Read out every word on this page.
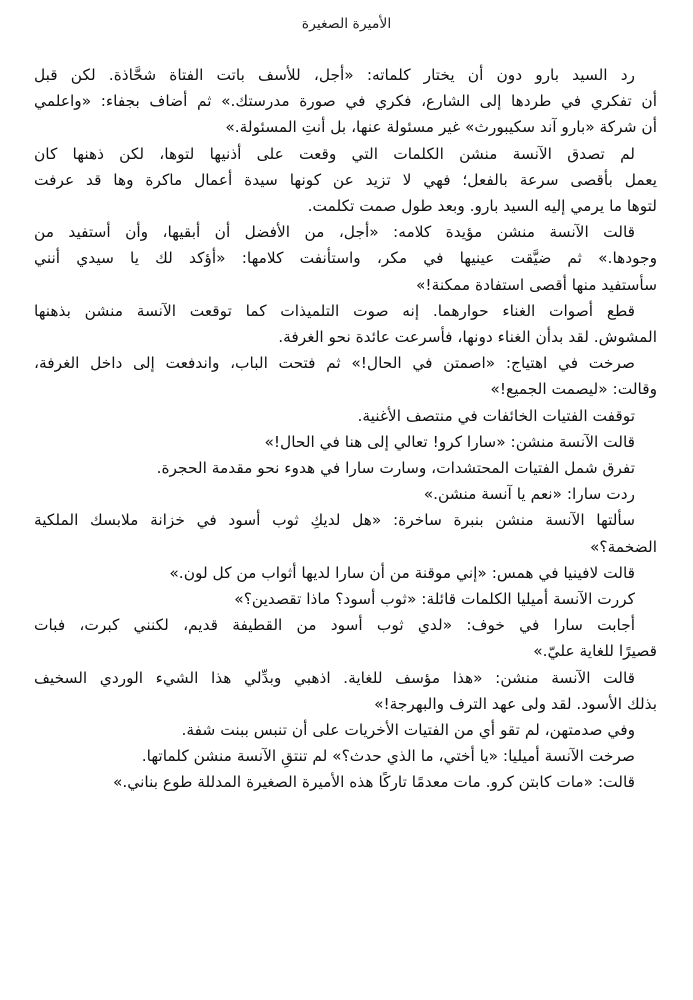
الأميرة الصغيرة

رد السيد بارو دون أن يختار كلماته: «أجل، للأسف باتت الفتاة شحَّاذة. لكن قبل
أن تفكري في طردها إلى الشارع، فكري في صورة مدرستك.» ثم أضاف بجفاء: «واعلمي
أن شركة «بارو آند سكيبورث» غير مسئولة عنها، بل أنتِ المسئولة.»

لم تصدق الآنسة منشن الكلمات التي وقعت على أذنيها لتوها، لكن ذهنها كان
يعمل بأقصى سرعة بالفعل؛ فهي لا تزيد عن كونها سيدة أعمال ماكرة وها قد عرفت
لتوها ما يرمي إليه السيد بارو. وبعد طول صمت تكلمت.

قالت الآنسة منشن مؤيدة كلامه: «أجل، من الأفضل أن أبقيها، وأن أستفيد من
وجودها.» ثم ضيَّقت عينيها في مكر، واستأنفت كلامها: «أؤكد لك يا سيدي أنني
سأستفيد منها أقصى استفادة ممكنة!»

قطع أصوات الغناء حوارهما. إنه صوت التلميذات كما توقعت الآنسة منشن بذهنها
المشوش. لقد بدأن الغناء دونها، فأسرعت عائدة نحو الغرفة.

صرخت في اهتياج: «اصمتن في الحال!» ثم فتحت الباب، واندفعت إلى داخل الغرفة،
وقالت: «ليصمت الجميع!»

توقفت الفتيات الخائفات في منتصف الأغنية.

قالت الآنسة منشن: «سارا كرو! تعالي إلى هنا في الحال!»

تفرق شمل الفتيات المحتشدات، وسارت سارا في هدوء نحو مقدمة الحجرة.

ردت سارا: «نعم يا آنسة منشن.»

سألتها الآنسة منشن بنبرة ساخرة: «هل لديكِ ثوب أسود في خزانة ملابسك الملكية
الضخمة؟»

قالت لافينيا في همس: «إني موقنة من أن سارا لديها أثواب من كل لون.»

كررت الآنسة أميليا الكلمات قائلة: «ثوب أسود؟ ماذا تقصدين؟»

أجابت سارا في خوف: «لدي ثوب أسود من القطيفة قديم، لكنني كبرت، فبات
قصيرًا للغاية عليّ.»

قالت الآنسة منشن: «هذا مؤسف للغاية. اذهبي وبدِّلي هذا الشيء الوردي السخيف
بذلك الأسود. لقد ولى عهد الترف والبهرجة!»

وفي صدمتهن، لم تقو أي من الفتيات الأخريات على أن تنبس ببنت شفة.

صرخت الآنسة أميليا: «يا أختي، ما الذي حدث؟» لم تنتقِ الآنسة منشن كلماتها.

قالت: «مات كابتن كرو. مات معدمًا تاركًا هذه الأميرة الصغيرة المدللة طوع بناني.»
